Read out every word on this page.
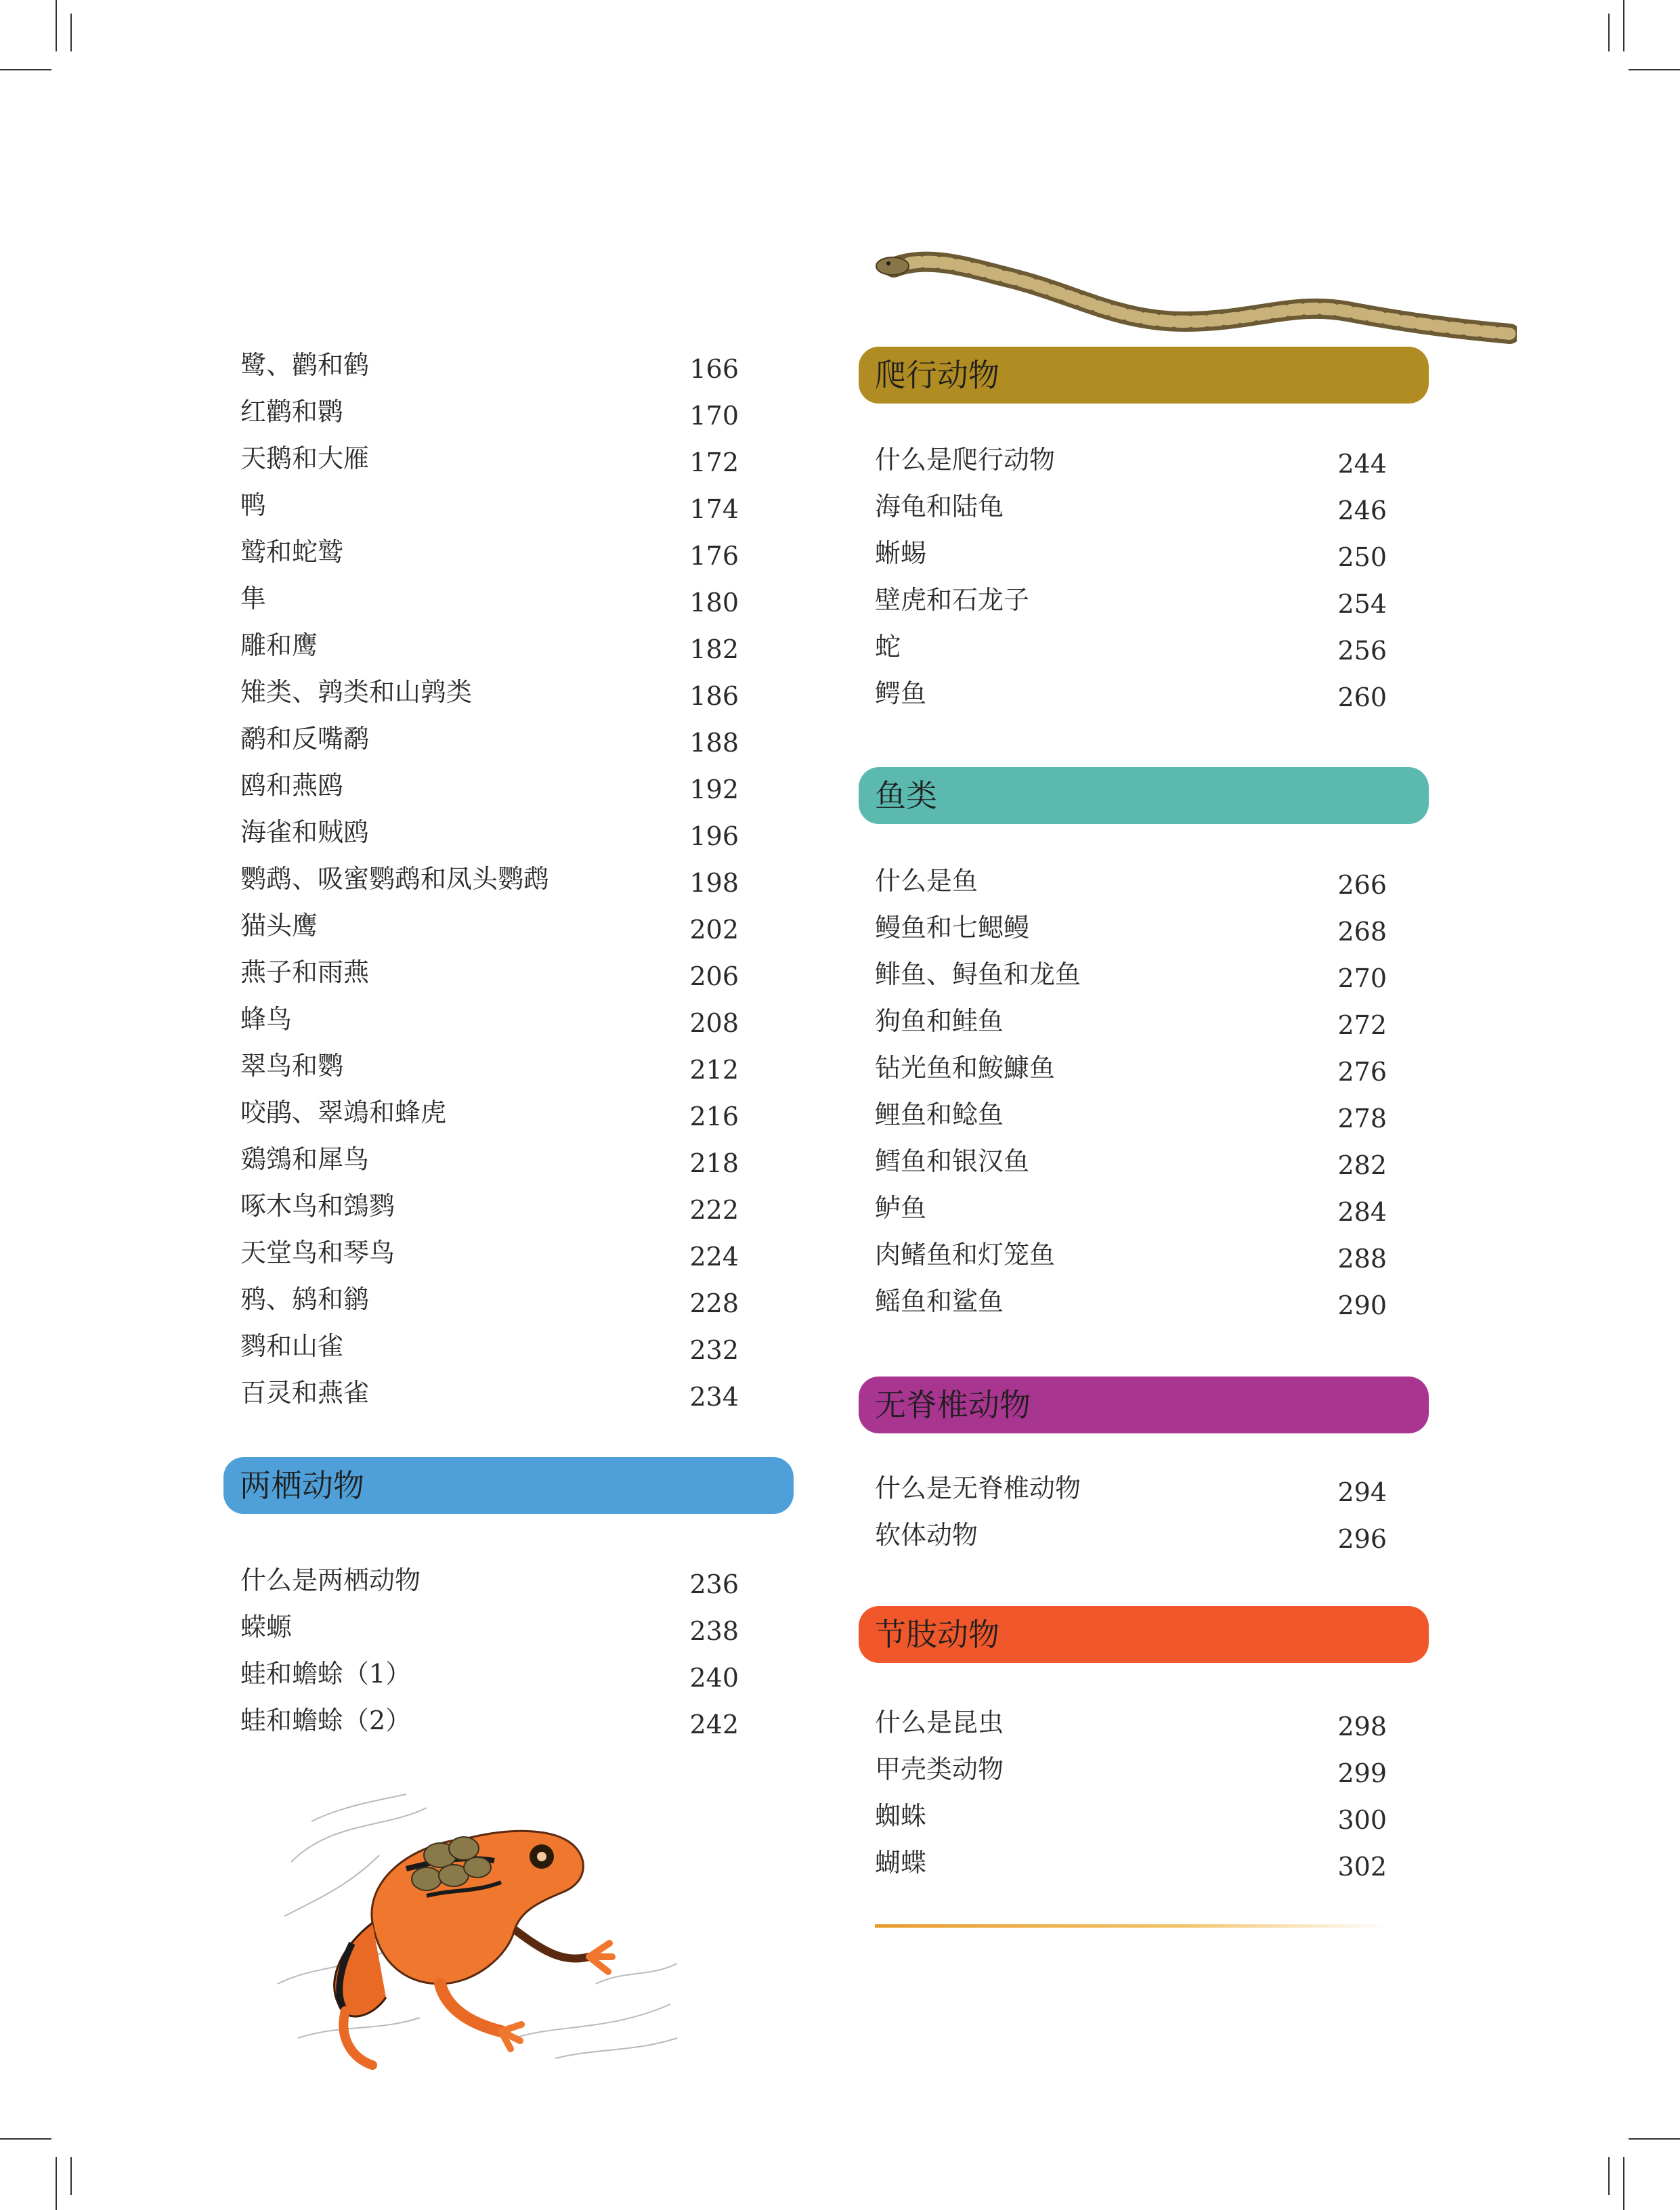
鹭、鹳和鹤	166
红鹳和鹮	170
天鹅和大雁	172
鸭	174
鹫和蛇鹫	176
隼	180
雕和鹰	182
雉类、鹑类和山鹑类	186
鹬和反嘴鹬	188
鸥和燕鸥	192
海雀和贼鸥	196
鹦鹉、吸蜜鹦鹉和凤头鹦鹉	198
猫头鹰	202
燕子和雨燕	206
蜂鸟	208
翠鸟和鹦	212
咬鹃、翠鴗和蜂虎	216
鵎鵼和犀鸟	218
啄木鸟和鵼鹨	222
天堂鸟和琴鸟	224
鸦、鸫和鹟	228
鹨和山雀	232
百灵和燕雀	234
两栖动物
什么是两栖动物	236
蝾螈	238
蛙和蟾蜍（1）	240
蛙和蟾蜍（2）	242
爬行动物
什么是爬行动物	244
海龟和陆龟	246
蜥蜴	250
壁虎和石龙子	254
蛇	256
鳄鱼	260
鱼类
什么是鱼	266
鳗鱼和七鳃鳗	268
鲱鱼、鲟鱼和龙鱼	270
狗鱼和鲑鱼	272
钻光鱼和鮟鱇鱼	276
鲤鱼和鲶鱼	278
鳕鱼和银汉鱼	282
鲈鱼	284
肉鳍鱼和灯笼鱼	288
鳐鱼和鲨鱼	290
无脊椎动物
什么是无脊椎动物	294
软体动物	296
节肢动物
什么是昆虫	298
甲壳类动物	299
蜘蛛	300
蝴蝶	302
